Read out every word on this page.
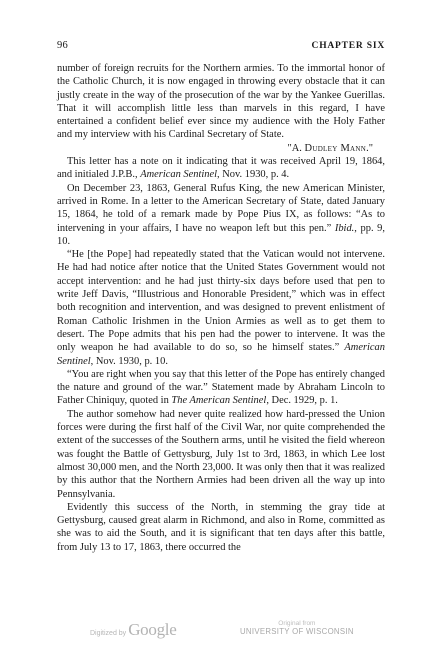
96	CHAPTER SIX

number of foreign recruits for the Northern armies. To the immortal honor of the Catholic Church, it is now engaged in throwing every obstacle that it can justly create in the way of the prosecution of the war by the Yankee Guerillas. That it will accomplish little less than marvels in this regard, I have entertained a confident belief ever since my audience with the Holy Father and my interview with his Cardinal Secretary of State.

"A. Dudley Mann."

This letter has a note on it indicating that it was received April 19, 1864, and initialed J.P.B., American Sentinel, Nov. 1930, p. 4.

On December 23, 1863, General Rufus King, the new American Minister, arrived in Rome. In a letter to the American Secretary of State, dated January 15, 1864, he told of a remark made by Pope Pius IX, as follows: “As to intervening in your affairs, I have no weapon left but this pen.” Ibid., pp. 9, 10.

“He [the Pope] had repeatedly stated that the Vatican would not intervene. He had had notice after notice that the United States Government would not accept intervention: and he had just thirty-six days before used that pen to write Jeff Davis, “Illustrious and Honorable President,” which was in effect both recognition and intervention, and was designed to prevent enlistment of Roman Catholic Irishmen in the Union Armies as well as to get them to desert. The Pope admits that his pen had the power to intervene. It was the only weapon he had available to do so, so he himself states.” American Sentinel, Nov. 1930, p. 10.

“You are right when you say that this letter of the Pope has entirely changed the nature and ground of the war.” Statement made by Abraham Lincoln to Father Chiniquy, quoted in The American Sentinel, Dec. 1929, p. 1.

The author somehow had never quite realized how hard-pressed the Union forces were during the first half of the Civil War, nor quite comprehended the extent of the successes of the Southern arms, until he visited the field whereon was fought the Battle of Gettysburg, July 1st to 3rd, 1863, in which Lee lost almost 30,000 men, and the North 23,000. It was only then that it was realized by this author that the Northern Armies had been driven all the way up into Pennsylvania.

Evidently this success of the North, in stemming the gray tide at Gettysburg, caused great alarm in Richmond, and also in Rome, committed as she was to aid the South, and it is significant that ten days after this battle, from July 13 to 17, 1863, there occurred the

Digitized by Google	Original from
UNIVERSITY OF WISCONSIN
